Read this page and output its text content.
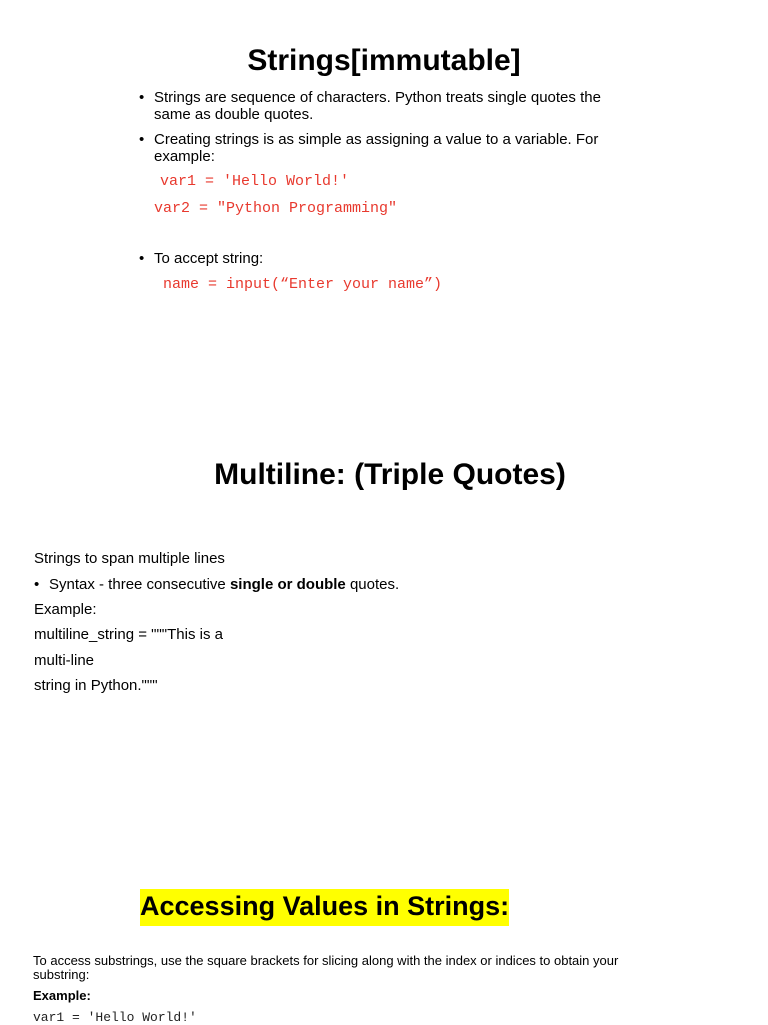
Strings[immutable]
• Strings are sequence of characters. Python treats single quotes the same as double quotes.
• Creating strings is as simple as assigning a value to a variable. For example:
var1 = 'Hello World!'
var2 = "Python Programming"
• To accept string:
name = input(“Enter your name”)
Multiline: (Triple Quotes)
Strings to span multiple lines
• Syntax - three consecutive single or double quotes.
Example:
multiline_string = """This is a
multi-line
string in Python."""
Accessing Values in Strings:
To access substrings, use the square brackets for slicing along with the index or indices to obtain your substring:
Example:
var1 = 'Hello World!'
